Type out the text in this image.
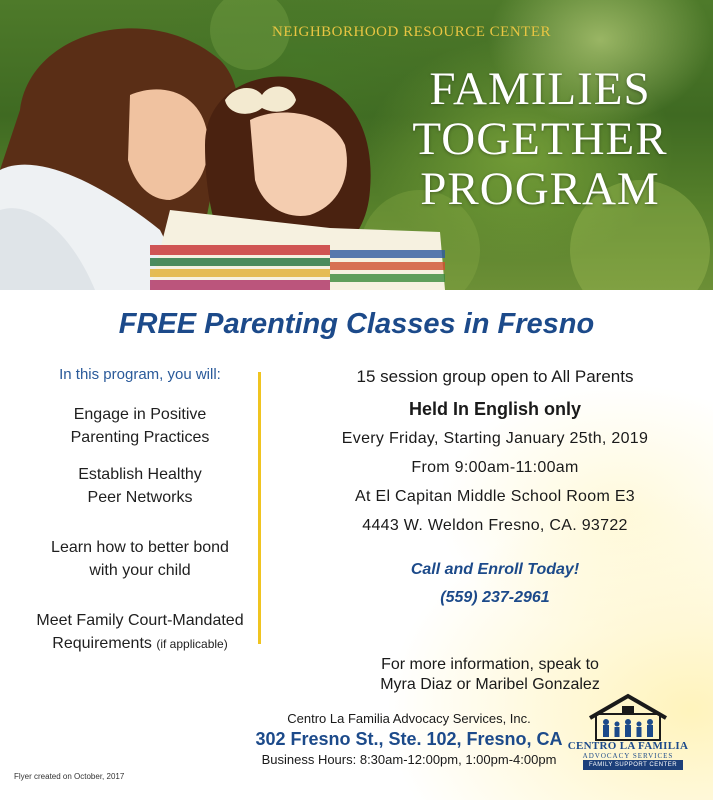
NEIGHBORHOOD RESOURCE CENTER
FAMILIES
TOGETHER
PROGRAM
FREE Parenting Classes in Fresno
In this program, you will:
Engage in Positive
Parenting Practices
Establish Healthy
Peer Networks
Learn how to better bond
with your child
Meet Family Court-Mandated
Requirements (if applicable)
15 session group open to All Parents
Held In English only
Every Friday, Starting January 25th, 2019
From 9:00am-11:00am
At El Capitan Middle School Room E3
4443 W. Weldon Fresno, CA. 93722
Call and Enroll Today!
(559) 237-2961
For more information, speak to
Myra Diaz or Maribel Gonzalez
Centro La Familia Advocacy Services, Inc.
302 Fresno St., Ste. 102, Fresno, CA
Business Hours: 8:30am-12:00pm, 1:00pm-4:00pm
CENTRO LA FAMILIA
ADVOCACY SERVICES
FAMILY SUPPORT CENTER
Flyer created on October, 2017
